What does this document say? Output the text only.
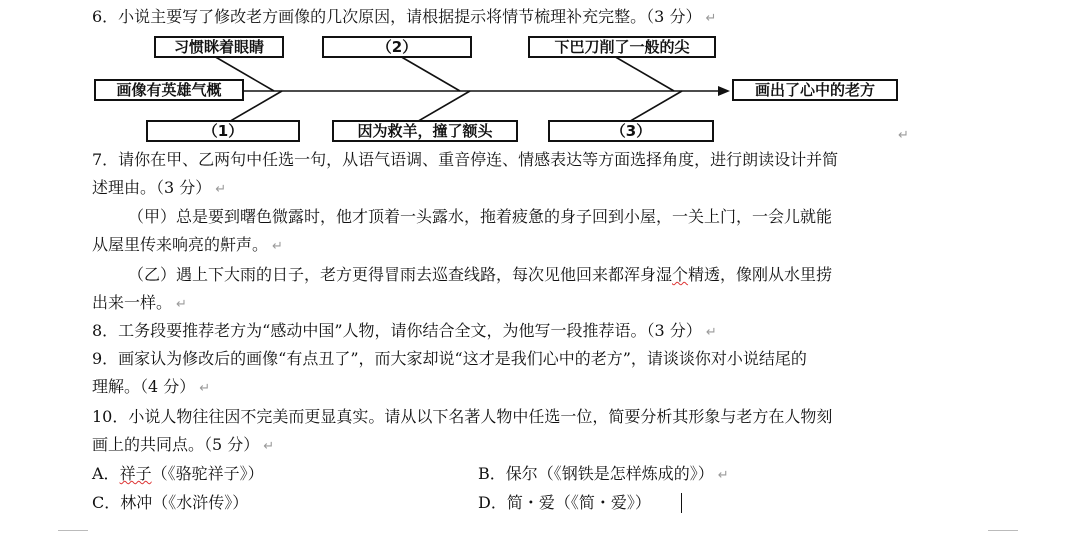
6．小说主要写了修改老方画像的几次原因，请根据提示将情节梳理补充完整。（3 分） ↵
习惯眯着眼睛	（2）	下巴刀削了一般的尖
画像有英雄气概	画出了心中的老方
（1）	因为救羊，撞了额头	（3）	↵
7．请你在甲、乙两句中任选一句，从语气语调、重音停连、情感表达等方面选择角度，进行朗读设计并简
述理由。（3 分） ↵
（甲）总是要到曙色微露时，他才顶着一头露水，拖着疲惫的身子回到小屋，一关上门，一会儿就能
从屋里传来响亮的鼾声。 ↵
（乙）遇上下大雨的日子，老方更得冒雨去巡查线路，每次见他回来都浑身湿个精透，像刚从水里捞
出来一样。 ↵
8．工务段要推荐老方为“感动中国”人物，请你结合全文，为他写一段推荐语。（3 分） ↵
9．画家认为修改后的画像“有点丑了”，而大家却说“这才是我们心中的老方”，请谈谈你对小说结尾的
理解。（4 分） ↵
10．小说人物往往因不完美而更显真实。请从以下名著人物中任选一位，简要分析其形象与老方在人物刻
画上的共同点。（5 分） ↵
A．祥子（《骆驼祥子》）	B．保尔（《钢铁是怎样炼成的》） ↵
C．林冲（《水浒传》）	D．简・爱（《简・爱》）
